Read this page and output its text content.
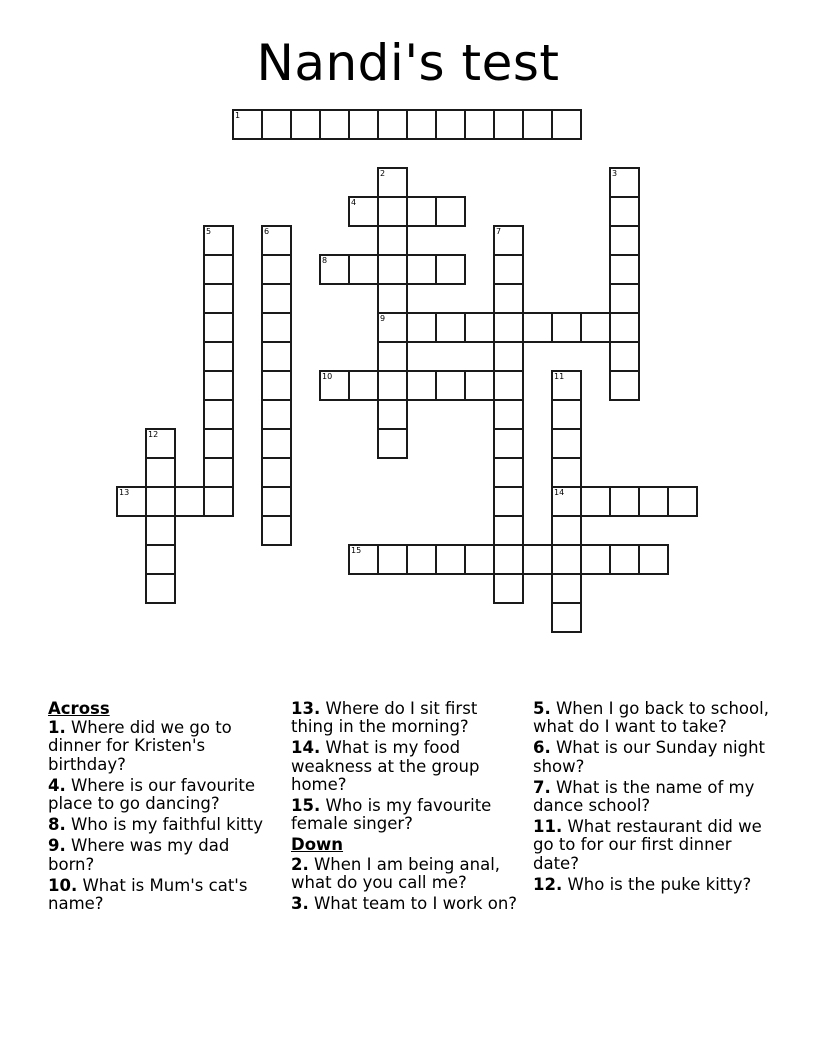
Nandi's test
1
2
9
3
4
5	6	7
8
10	11
14
12
13
15
Across
1. Where did we go to dinner for Kristen's birthday?
4. Where is our favourite place to go dancing?
8. Who is my faithful kitty
9. Where was my dad born?
10. What is Mum's cat's name?
13. Where do I sit first thing in the morning?
14. What is my food weakness at the group home?
15. Who is my favourite female singer?
Down
2. When I am being anal, what do you call me?
3. What team to I work on?
5. When I go back to school, what do I want to take?
6. What is our Sunday night show?
7. What is the name of my dance school?
11. What restaurant did we go to for our first dinner date?
12. Who is the puke kitty?
